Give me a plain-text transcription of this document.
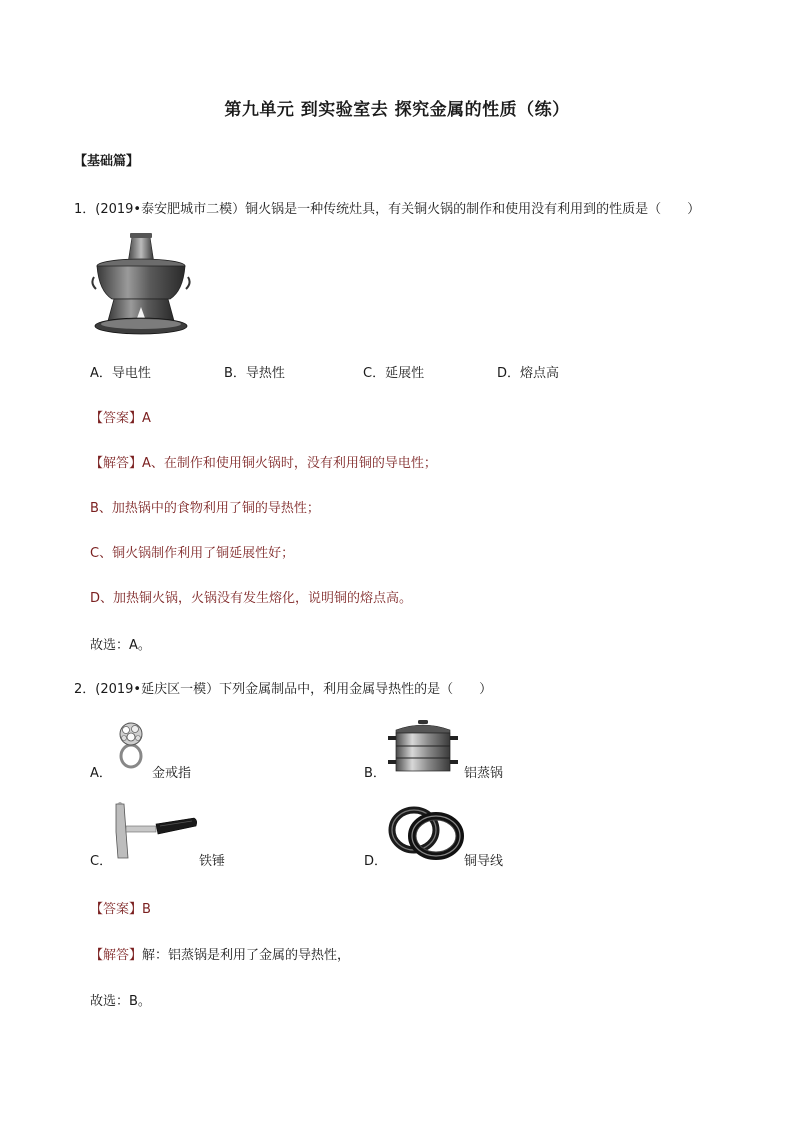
第九单元 到实验室去 探究金属的性质（练）
【基础篇】
1．(2019•泰安肥城市二模）铜火锅是一种传统灶具，有关铜火锅的制作和使用没有利用到的性质是（　　）
A．导电性	B．导热性	C．延展性	D．熔点高
【答案】A
【解答】A、在制作和使用铜火锅时，没有利用铜的导电性；
B、加热锅中的食物利用了铜的导热性；
C、铜火锅制作利用了铜延展性好；
D、加热铜火锅，火锅没有发生熔化，说明铜的熔点高。
故选：A。
2．(2019•延庆区一模）下列金属制品中，利用金属导热性的是（　　）
A．	金戒指	B．	铝蒸锅
C．	铁锤	D．	铜导线
【答案】B
【解答】解：铝蒸锅是利用了金属的导热性，
故选：B。
